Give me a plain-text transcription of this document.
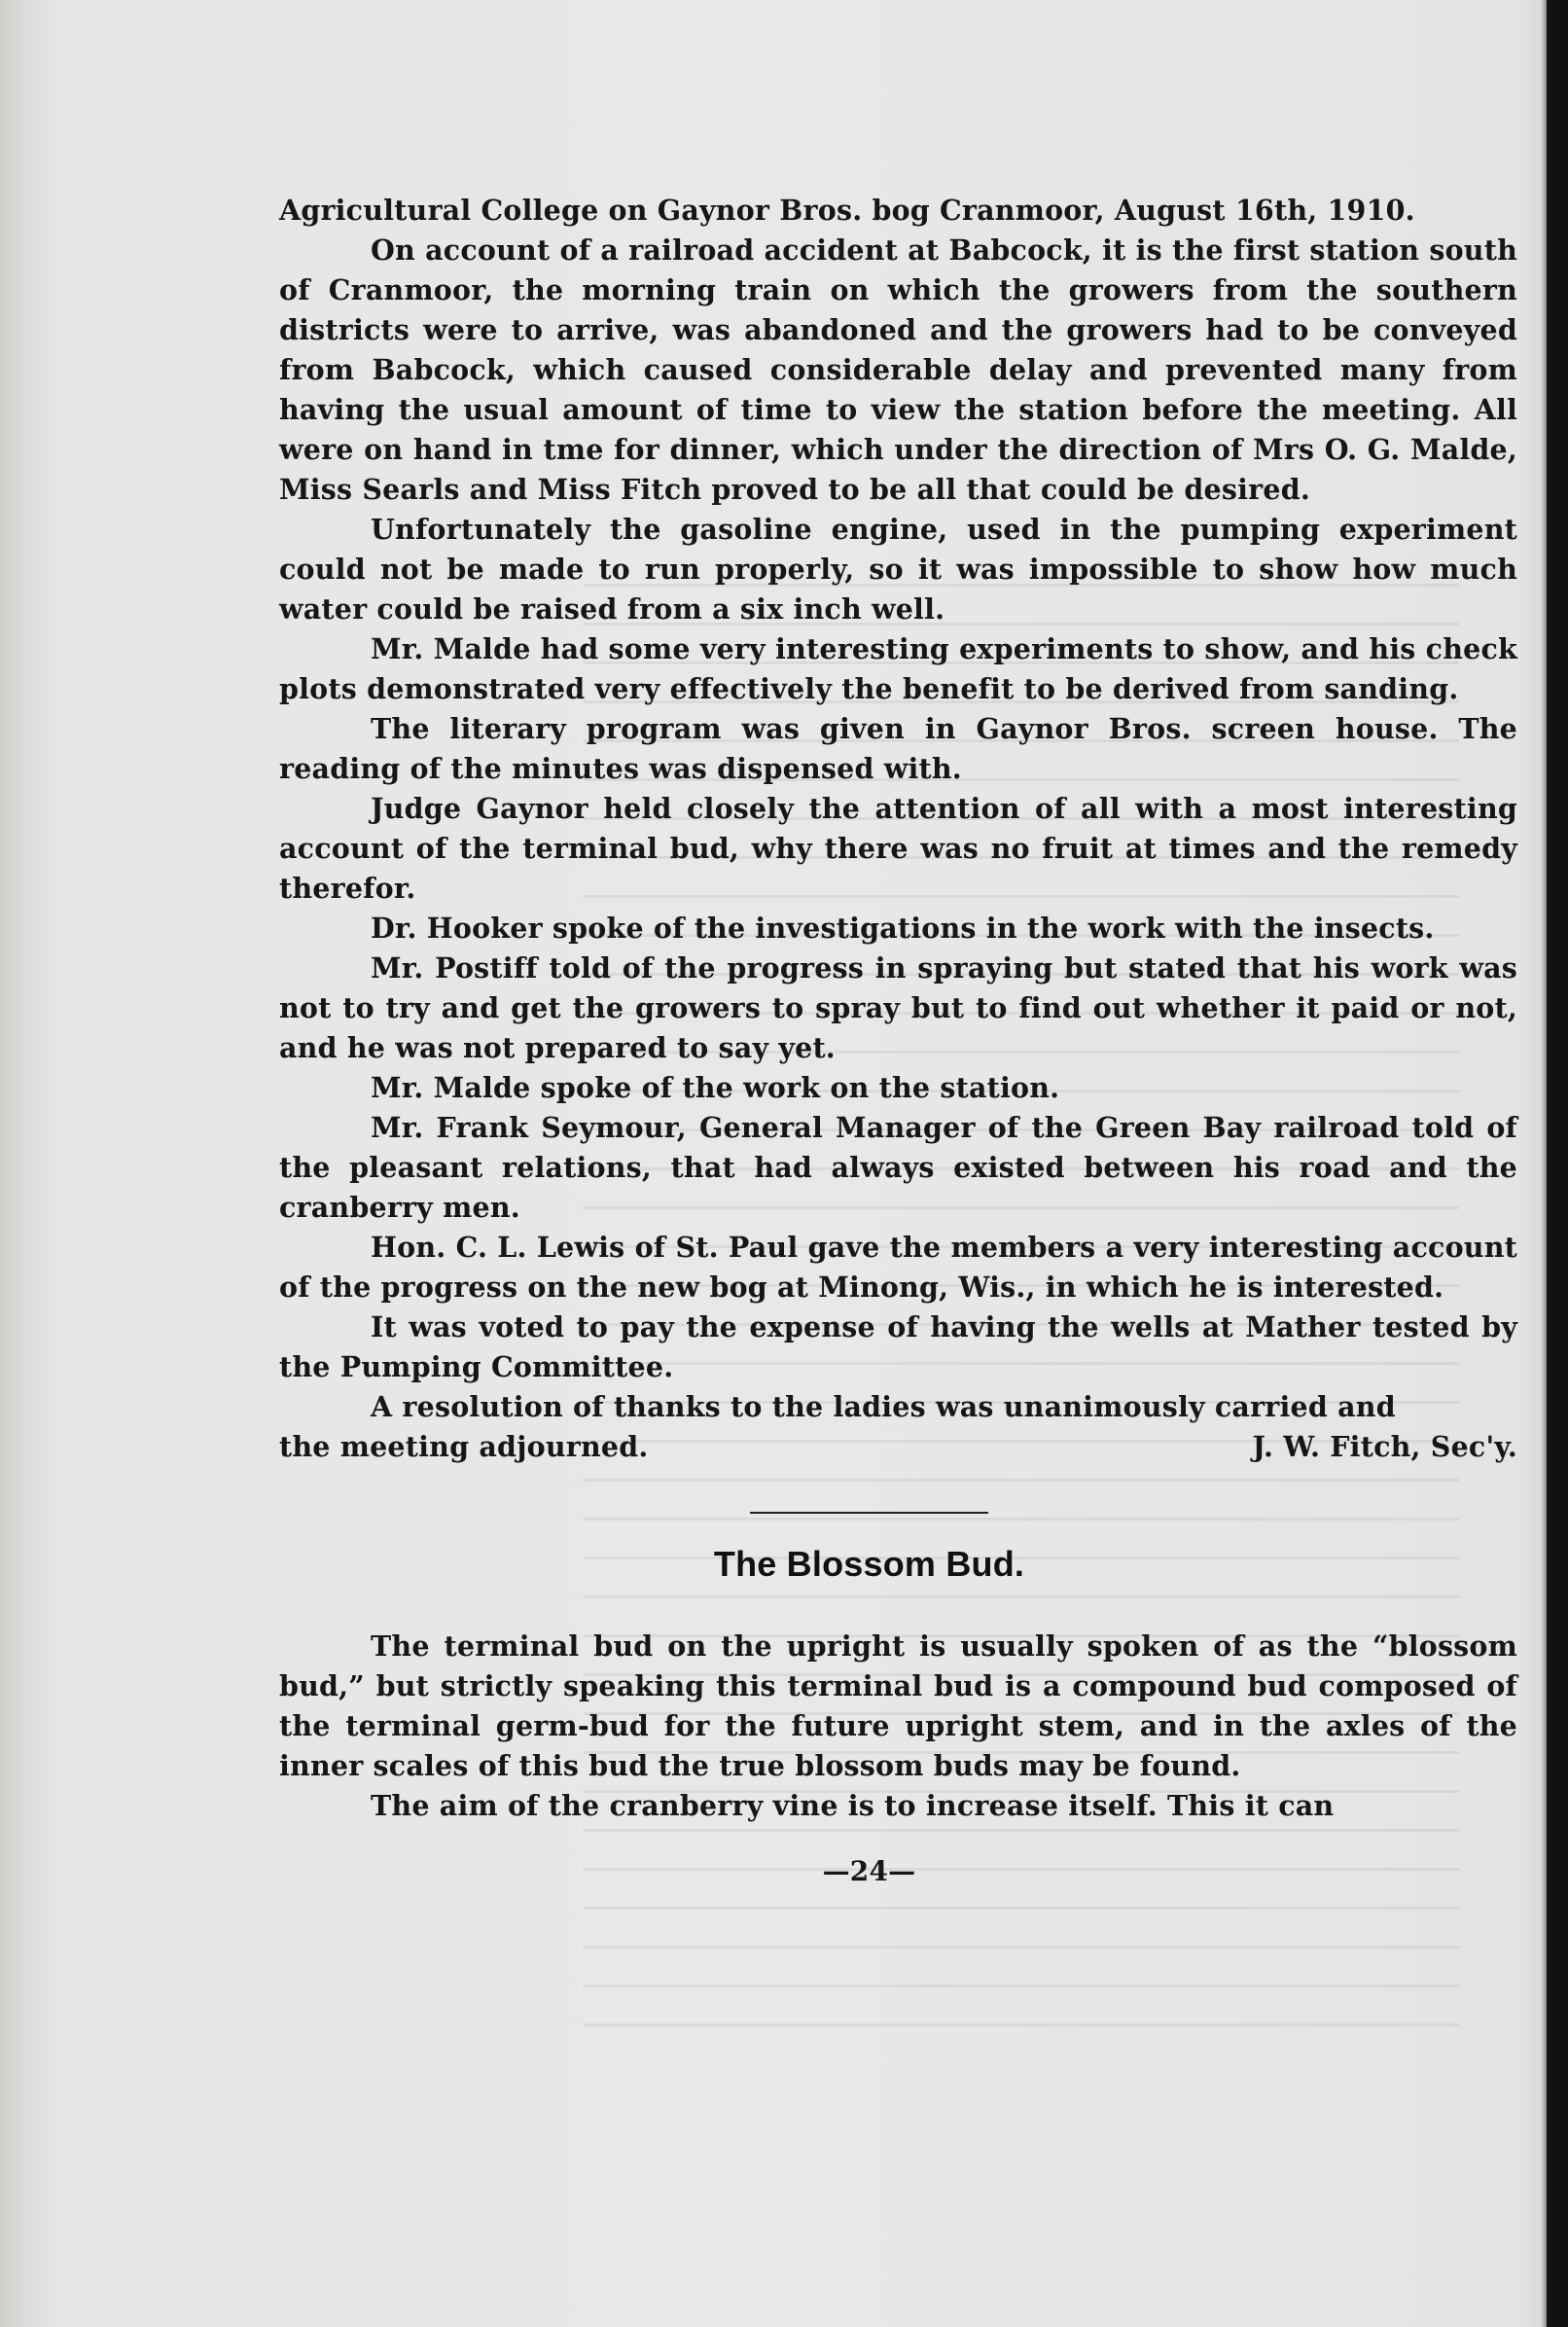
Agricultural College on Gaynor Bros. bog Cranmoor, August 16th, 1910.

On account of a railroad accident at Babcock, it is the first station south of Cranmoor, the morning train on which the growers from the southern districts were to arrive, was abandoned and the growers had to be conveyed from Babcock, which caused considerable delay and prevented many from having the usual amount of time to view the station before the meeting. All were on hand in tme for dinner, which under the direction of Mrs O. G. Malde, Miss Searls and Miss Fitch proved to be all that could be desired.

Unfortunately the gasoline engine, used in the pumping experiment could not be made to run properly, so it was impossible to show how much water could be raised from a six inch well.

Mr. Malde had some very interesting experiments to show, and his check plots demonstrated very effectively the benefit to be derived from sanding.

The literary program was given in Gaynor Bros. screen house. The reading of the minutes was dispensed with.

Judge Gaynor held closely the attention of all with a most interesting account of the terminal bud, why there was no fruit at times and the remedy therefor.

Dr. Hooker spoke of the investigations in the work with the insects.

Mr. Postiff told of the progress in spraying but stated that his work was not to try and get the growers to spray but to find out whether it paid or not, and he was not prepared to say yet.

Mr. Malde spoke of the work on the station.

Mr. Frank Seymour, General Manager of the Green Bay railroad told of the pleasant relations, that had always existed between his road and the cranberry men.

Hon. C. L. Lewis of St. Paul gave the members a very interesting account of the progress on the new bog at Minong, Wis., in which he is interested.

It was voted to pay the expense of having the wells at Mather tested by the Pumping Committee.

A resolution of thanks to the ladies was unanimously carried and

the meeting adjourned.	J. W. Fitch, Sec'y.
The Blossom Bud.

The terminal bud on the upright is usually spoken of as the “blossom bud,” but strictly speaking this terminal bud is a compound bud composed of the terminal germ-bud for the future upright stem, and in the axles of the inner scales of this bud the true blossom buds may be found.

The aim of the cranberry vine is to increase itself. This it can

—24—
